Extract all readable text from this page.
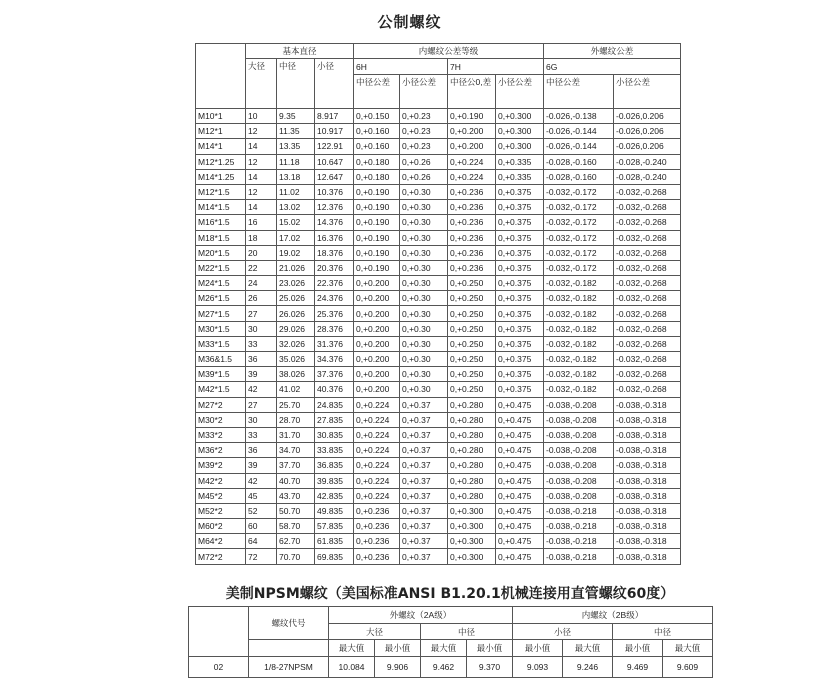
公制螺纹
	基本直径			内螺纹公差等级				外螺纹公差	
	大径	中径	小径	6H		7H		6G	
				中径公差	小径公差	中径公0,差	小径公差	中径公差	小径公差
M10*1	10	9.35	8.917	0,+0.150	0,+0.23	0,+0.190	0,+0.300	-0.026,-0.138	-0.026,0.206
M12*1	12	11.35	10.917	0,+0.160	0,+0.23	0,+0.200	0,+0.300	-0.026,-0.144	-0.026,0.206
M14*1	14	13.35	122.91	0,+0.160	0,+0.23	0,+0.200	0,+0.300	-0.026,-0.144	-0.026,0.206
M12*1.25	12	11.18	10.647	0,+0.180	0,+0.26	0,+0.224	0,+0.335	-0.028,-0.160	-0.028,-0.240
M14*1.25	14	13.18	12.647	0,+0.180	0,+0.26	0,+0.224	0,+0.335	-0.028,-0.160	-0.028,-0.240
M12*1.5	12	11.02	10.376	0,+0.190	0,+0.30	0,+0.236	0,+0.375	-0.032,-0.172	-0.032,-0.268
M14*1.5	14	13.02	12.376	0,+0.190	0,+0.30	0,+0.236	0,+0.375	-0.032,-0.172	-0.032,-0.268
M16*1.5	16	15.02	14.376	0,+0.190	0,+0.30	0,+0.236	0,+0.375	-0.032,-0.172	-0.032,-0.268
M18*1.5	18	17.02	16.376	0,+0.190	0,+0.30	0,+0.236	0,+0.375	-0.032,-0.172	-0.032,-0.268
M20*1.5	20	19.02	18.376	0,+0.190	0,+0.30	0,+0.236	0,+0.375	-0.032,-0.172	-0.032,-0.268
M22*1.5	22	21.026	20.376	0,+0.190	0,+0.30	0,+0.236	0,+0.375	-0.032,-0.172	-0.032,-0.268
M24*1.5	24	23.026	22.376	0,+0.200	0,+0.30	0,+0.250	0,+0.375	-0.032,-0.182	-0.032,-0.268
M26*1.5	26	25.026	24.376	0,+0.200	0,+0.30	0,+0.250	0,+0.375	-0.032,-0.182	-0.032,-0.268
M27*1.5	27	26.026	25.376	0,+0.200	0,+0.30	0,+0.250	0,+0.375	-0.032,-0.182	-0.032,-0.268
M30*1.5	30	29.026	28.376	0,+0.200	0,+0.30	0,+0.250	0,+0.375	-0.032,-0.182	-0.032,-0.268
M33*1.5	33	32.026	31.376	0,+0.200	0,+0.30	0,+0.250	0,+0.375	-0.032,-0.182	-0.032,-0.268
M36&1.5	36	35.026	34.376	0,+0.200	0,+0.30	0,+0.250	0,+0.375	-0.032,-0.182	-0.032,-0.268
M39*1.5	39	38.026	37.376	0,+0.200	0,+0.30	0,+0.250	0,+0.375	-0.032,-0.182	-0.032,-0.268
M42*1.5	42	41.02	40.376	0,+0.200	0,+0.30	0,+0.250	0,+0.375	-0.032,-0.182	-0.032,-0.268
M27*2	27	25.70	24.835	0,+0.224	0,+0.37	0,+0.280	0,+0.475	-0.038,-0.208	-0.038,-0.318
M30*2	30	28.70	27.835	0,+0.224	0,+0.37	0,+0.280	0,+0.475	-0.038,-0.208	-0.038,-0.318
M33*2	33	31.70	30.835	0,+0.224	0,+0.37	0,+0.280	0,+0.475	-0.038,-0.208	-0.038,-0.318
M36*2	36	34.70	33.835	0,+0.224	0,+0.37	0,+0.280	0,+0.475	-0.038,-0.208	-0.038,-0.318
M39*2	39	37.70	36.835	0,+0.224	0,+0.37	0,+0.280	0,+0.475	-0.038,-0.208	-0.038,-0.318
M42*2	42	40.70	39.835	0,+0.224	0,+0.37	0,+0.280	0,+0.475	-0.038,-0.208	-0.038,-0.318
M45*2	45	43.70	42.835	0,+0.224	0,+0.37	0,+0.280	0,+0.475	-0.038,-0.208	-0.038,-0.318
M52*2	52	50.70	49.835	0,+0.236	0,+0.37	0,+0.300	0,+0.475	-0.038,-0.218	-0.038,-0.318
M60*2	60	58.70	57.835	0,+0.236	0,+0.37	0,+0.300	0,+0.475	-0.038,-0.218	-0.038,-0.318
M64*2	64	62.70	61.835	0,+0.236	0,+0.37	0,+0.300	0,+0.475	-0.038,-0.218	-0.038,-0.318
M72*2	72	70.70	69.835	0,+0.236	0,+0.37	0,+0.300	0,+0.475	-0.038,-0.218	-0.038,-0.318
美制NPSM螺纹（美国标准ANSI B1.20.1机械连接用直管螺纹60度）
	螺纹代号	外螺纹（2A级）				内螺纹（2B级）			
		大径		中径		小径		中径	
		最大值	最小值	最大值	最小值	最小值	最大值	最小值	最大值
02	1/8-27NPSM	10.084	9.906	9.462	9.370	9.093	9.246	9.469	9.609
